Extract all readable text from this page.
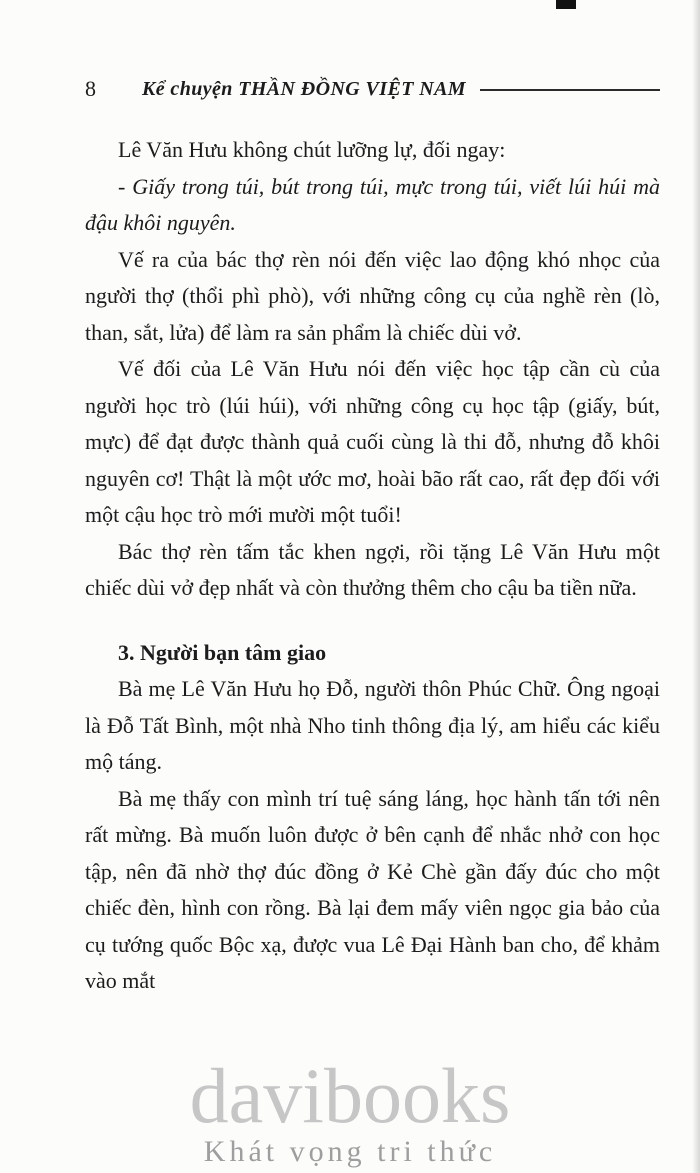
8 Kể chuyện THẦN ĐỒNG VIỆT NAM

Lê Văn Hưu không chút lưỡng lự, đối ngay:

- Giấy trong túi, bút trong túi, mực trong túi, viết lúi húi mà đậu khôi nguyên.

Vế ra của bác thợ rèn nói đến việc lao động khó nhọc của người thợ (thổi phì phò), với những công cụ của nghề rèn (lò, than, sắt, lửa) để làm ra sản phẩm là chiếc dùi vở.

Vế đối của Lê Văn Hưu nói đến việc học tập cần cù của người học trò (lúi húi), với những công cụ học tập (giấy, bút, mực) để đạt được thành quả cuối cùng là thi đỗ, nhưng đỗ khôi nguyên cơ! Thật là một ước mơ, hoài bão rất cao, rất đẹp đối với một cậu học trò mới mười một tuổi!

Bác thợ rèn tấm tắc khen ngợi, rồi tặng Lê Văn Hưu một chiếc dùi vở đẹp nhất và còn thưởng thêm cho cậu ba tiền nữa.

3. Người bạn tâm giao

Bà mẹ Lê Văn Hưu họ Đỗ, người thôn Phúc Chữ. Ông ngoại là Đỗ Tất Bình, một nhà Nho tinh thông địa lý, am hiểu các kiểu mộ táng.

Bà mẹ thấy con mình trí tuệ sáng láng, học hành tấn tới nên rất mừng. Bà muốn luôn được ở bên cạnh để nhắc nhở con học tập, nên đã nhờ thợ đúc đồng ở Kẻ Chè gần đấy đúc cho một chiếc đèn, hình con rồng. Bà lại đem mấy viên ngọc gia bảo của cụ tướng quốc Bộc xạ, được vua Lê Đại Hành ban cho, để khảm vào mắt

davibooks
Khát vọng tri thức
